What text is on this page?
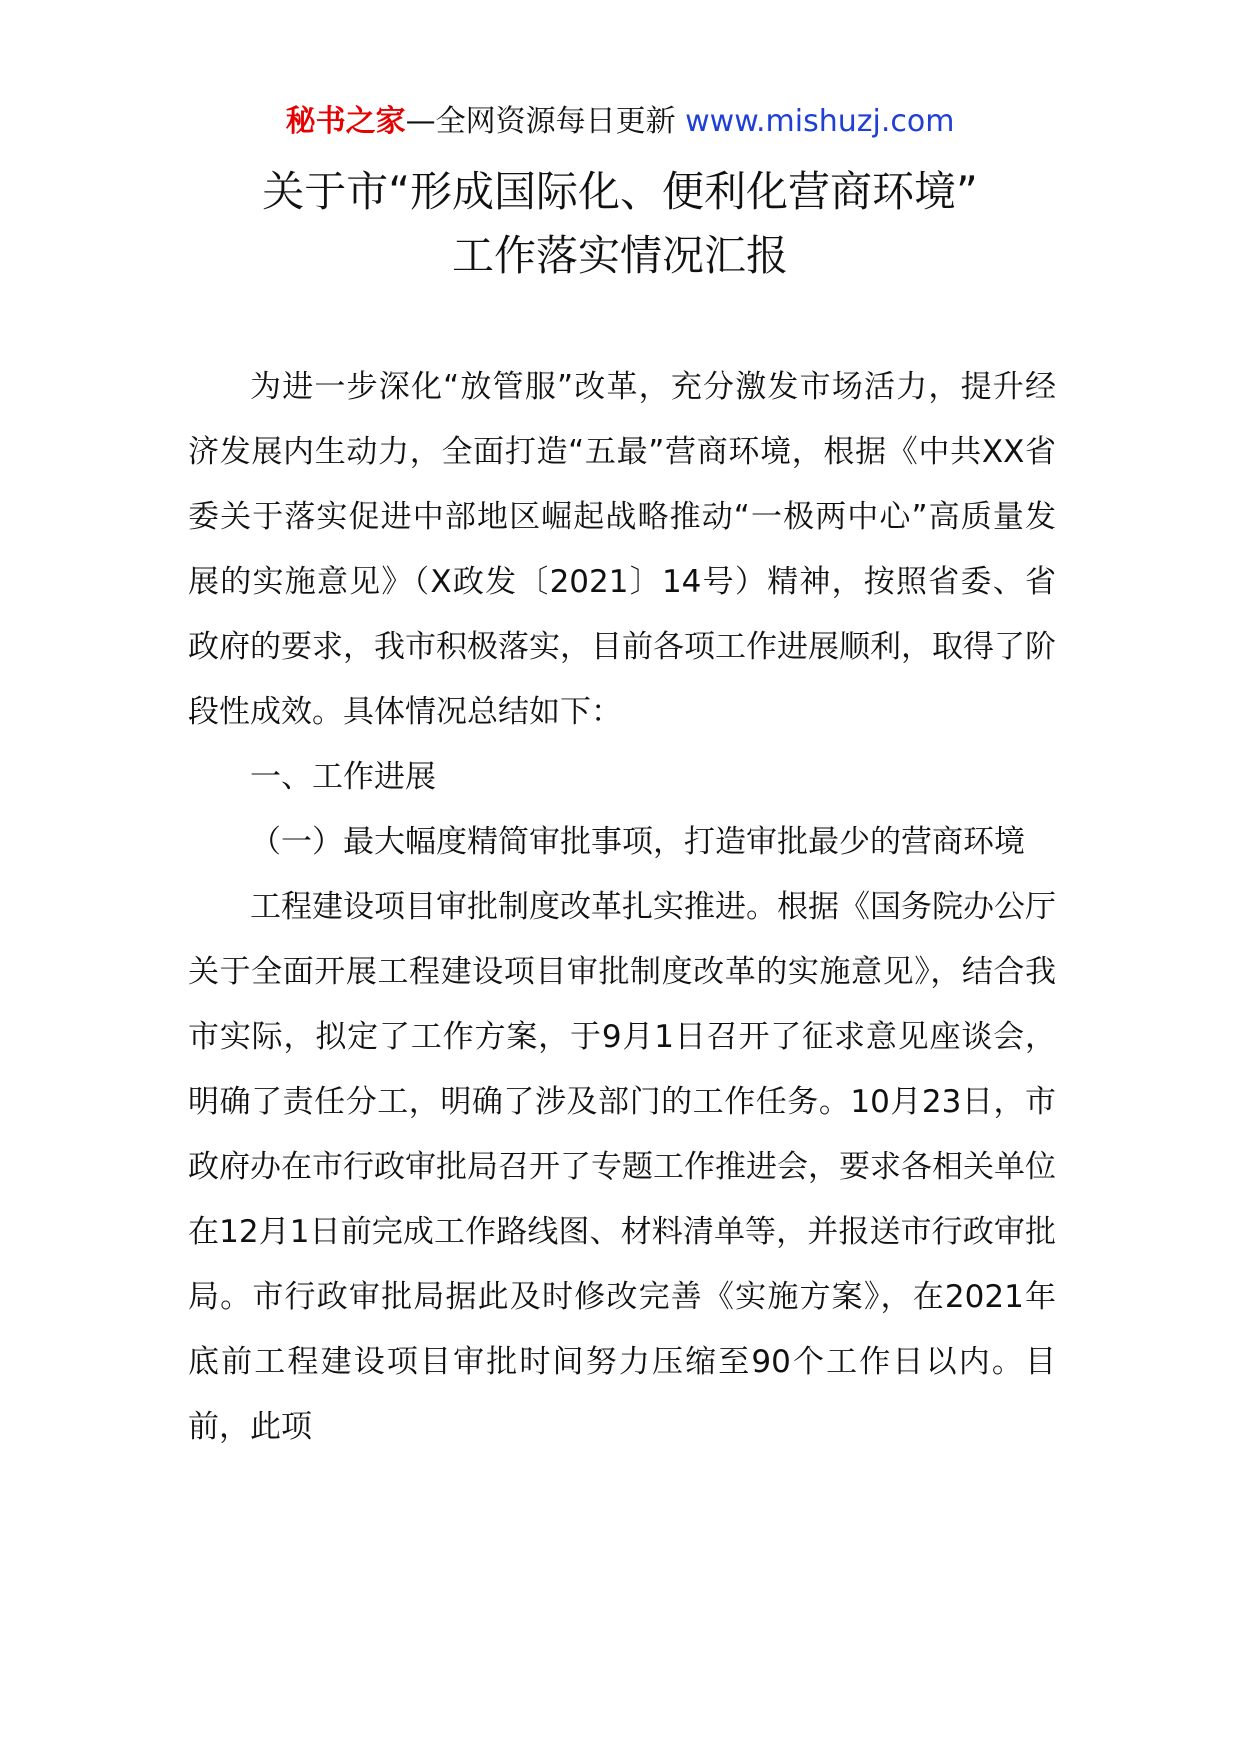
秘书之家—全网资源每日更新 www.mishuzj.com
关于市“形成国际化、便利化营商环境”
工作落实情况汇报

为进一步深化“放管服”改革，充分激发市场活力，提升经济发展内生动力，全面打造“五最”营商环境，根据《中共XX省委关于落实促进中部地区崛起战略推动“一极两中心”高质量发展的实施意见》（X政发〔2021〕14号）精神，按照省委、省政府的要求，我市积极落实，目前各项工作进展顺利，取得了阶段性成效。具体情况总结如下：

一、工作进展

（一）最大幅度精简审批事项，打造审批最少的营商环境

工程建设项目审批制度改革扎实推进。根据《国务院办公厅关于全面开展工程建设项目审批制度改革的实施意见》，结合我市实际，拟定了工作方案，于9月1日召开了征求意见座谈会，明确了责任分工，明确了涉及部门的工作任务。10月23日，市政府办在市行政审批局召开了专题工作推进会，要求各相关单位在12月1日前完成工作路线图、材料清单等，并报送市行政审批局。市行政审批局据此及时修改完善《实施方案》，在2021年底前工程建设项目审批时间努力压缩至90个工作日以内。目前，此项
